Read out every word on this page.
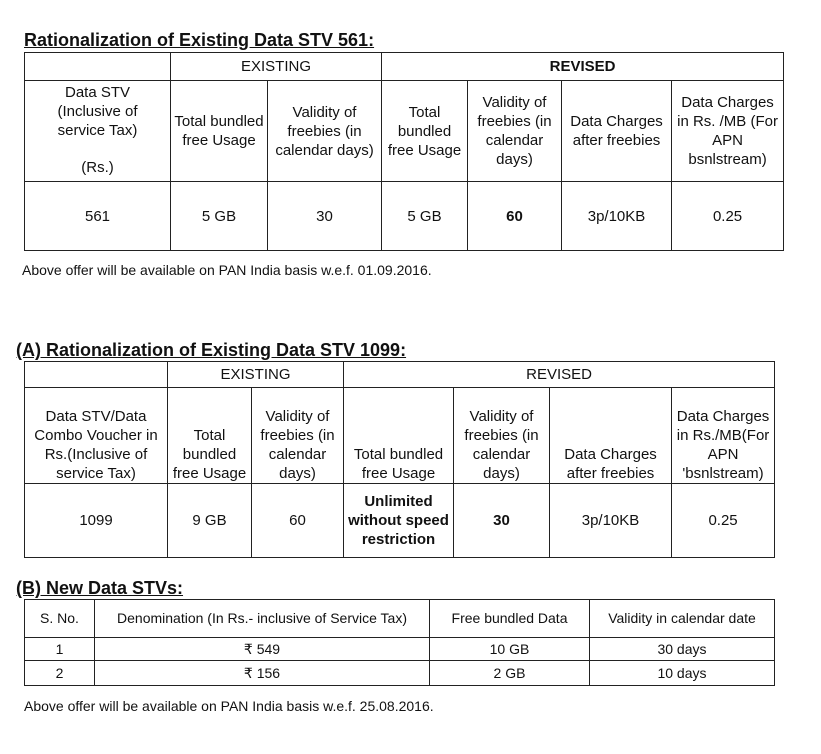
Rationalization of Existing Data STV 561:
	EXISTING		REVISED			

Data STV
(Inclusive of
service Tax)
(Rs.)	Total bundled free Usage	Validity of freebies (in calendar days)	Total bundled free Usage	Validity of freebies (in calendar days)	Data Charges after freebies	Data Charges in Rs. /MB (For APN bsnlstream)
561	5 GB	30	5 GB	60	3p/10KB	0.25
Above offer will be available on PAN India basis w.e.f. 01.09.2016.
(A) Rationalization of Existing Data STV 1099:
	EXISTING		REVISED			
Data STV/Data Combo Voucher in Rs.(Inclusive of service Tax)	Total bundled free Usage	Validity of freebies (in calendar days)	Total bundled free Usage	Validity of freebies (in calendar days)	Data Charges after freebies	Data Charges in Rs./MB(For APN 'bsnlstream)
1099	9 GB	60	Unlimited without speed restriction	30	3p/10KB	0.25
(B) New Data STVs:
S. No.	Denomination (In Rs.- inclusive of Service Tax)	Free bundled Data	Validity in calendar date
1	₹ 549	10 GB	30 days
2	₹ 156	2 GB	10 days
Above offer will be available on PAN India basis w.e.f. 25.08.2016.
